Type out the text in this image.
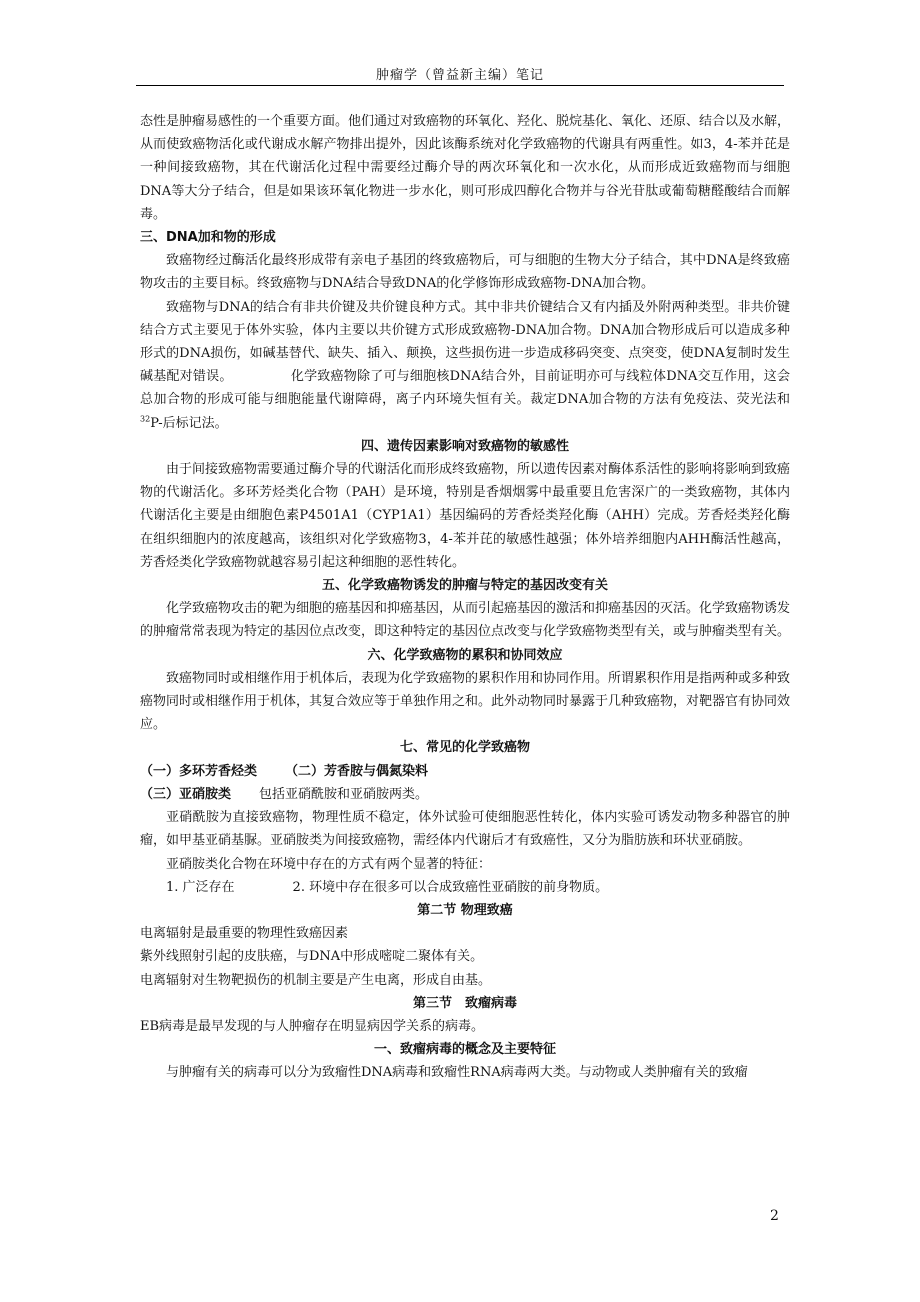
肿瘤学（曾益新主编）笔记

态性是肿瘤易感性的一个重要方面。他们通过对致癌物的环氧化、羟化、脱烷基化、氧化、还原、结合以及水解，从而使致癌物活化或代谢成水解产物排出提外，因此该酶系统对化学致癌物的代谢具有两重性。如3，4-苯并芘是一种间接致癌物，其在代谢活化过程中需要经过酶介导的两次环氧化和一次水化，从而形成近致癌物而与细胞DNA等大分子结合，但是如果该环氧化物进一步水化，则可形成四醇化合物并与谷光苷肽或葡萄糖醛酸结合而解毒。

三、DNA加和物的形成

致癌物经过酶活化最终形成带有亲电子基团的终致癌物后，可与细胞的生物大分子结合，其中DNA是终致癌物攻击的主要目标。终致癌物与DNA结合导致DNA的化学修饰形成致癌物-DNA加合物。

致癌物与DNA的结合有非共价键及共价键良种方式。其中非共价键结合又有内插及外附两种类型。非共价键结合方式主要见于体外实验，体内主要以共价键方式形成致癌物-DNA加合物。DNA加合物形成后可以造成多种形式的DNA损伤，如碱基替代、缺失、插入、颠换，这些损伤进一步造成移码突变、点突变，使DNA复制时发生碱基配对错误。	化学致癌物除了可与细胞核DNA结合外，目前证明亦可与线粒体DNA交互作用，这会总加合物的形成可能与细胞能量代谢障碍，离子内环境失恒有关。裁定DNA加合物的方法有免疫法、荧光法和$^{32}$P-后标记法。

四、遗传因素影响对致癌物的敏感性

由于间接致癌物需要通过酶介导的代谢活化而形成终致癌物，所以遗传因素对酶体系活性的影响将影响到致癌物的代谢活化。多环芳烃类化合物（PAH）是环境，特别是香烟烟雾中最重要且危害深广的一类致癌物，其体内代谢活化主要是由细胞色素P4501A1（CYP1A1）基因编码的芳香烃类羟化酶（AHH）完成。芳香烃类羟化酶在组织细胞内的浓度越高，该组织对化学致癌物3，4-苯并芘的敏感性越强；体外培养细胞内AHH酶活性越高，芳香烃类化学致癌物就越容易引起这种细胞的恶性转化。

五、化学致癌物诱发的肿瘤与特定的基因改变有关

化学致癌物攻击的靶为细胞的癌基因和抑癌基因，从而引起癌基因的激活和抑癌基因的灭活。化学致癌物诱发的肿瘤常常表现为特定的基因位点改变，即这种特定的基因位点改变与化学致癌物类型有关，或与肿瘤类型有关。

六、化学致癌物的累积和协同效应

致癌物同时或相继作用于机体后，表现为化学致癌物的累积作用和协同作用。所谓累积作用是指两种或多种致癌物同时或相继作用于机体，其复合效应等于单独作用之和。此外动物同时暴露于几种致癌物，对靶器官有协同效应。

七、常见的化学致癌物

（一）多环芳香烃类 （二）芳香胺与偶氮染料

（三）亚硝胺类 包括亚硝酰胺和亚硝胺两类。

亚硝酰胺为直接致癌物，物理性质不稳定，体外试验可使细胞恶性转化，体内实验可诱发动物多种器官的肿瘤，如甲基亚硝基脲。亚硝胺类为间接致癌物，需经体内代谢后才有致癌性，又分为脂肪族和环状亚硝胺。

亚硝胺类化合物在环境中存在的方式有两个显著的特征：

1. 广泛存在	2. 环境中存在很多可以合成致癌性亚硝胺的前身物质。

第二节 物理致癌

电离辐射是最重要的物理性致癌因素

紫外线照射引起的皮肤癌，与DNA中形成嘧啶二聚体有关。

电离辐射对生物靶损伤的机制主要是产生电离，形成自由基。

第三节　致瘤病毒

EB病毒是最早发现的与人肿瘤存在明显病因学关系的病毒。

一、致瘤病毒的概念及主要特征

与肿瘤有关的病毒可以分为致瘤性DNA病毒和致瘤性RNA病毒两大类。与动物或人类肿瘤有关的致瘤

2
